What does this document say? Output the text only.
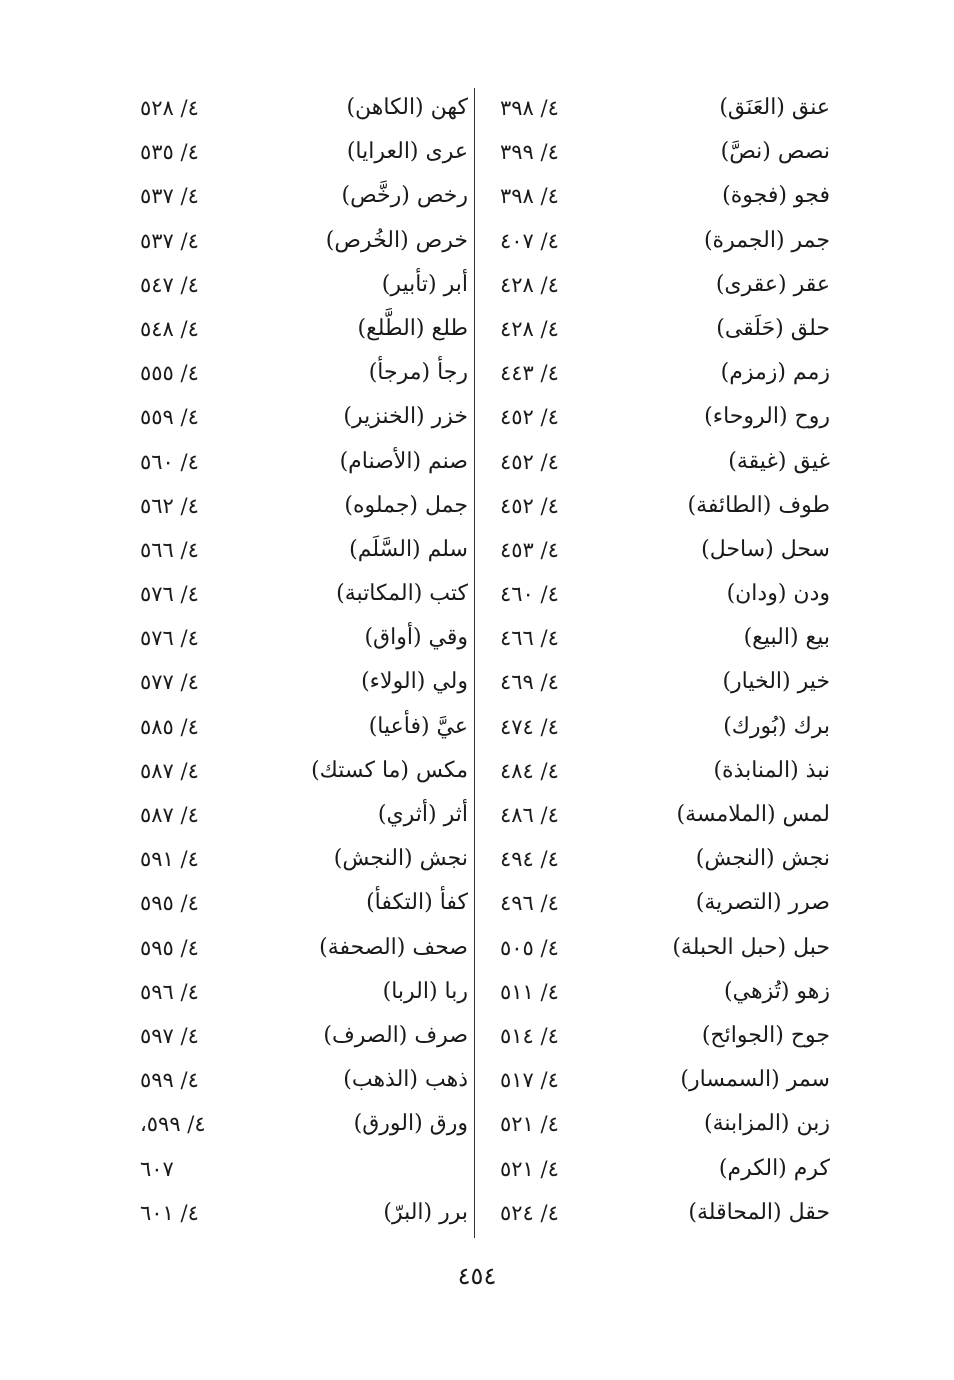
عنق (العَنَق)
٤/ ٣٩٨
كهن (الكاهن)
٤/ ٥٢٨
نصص (نصَّ)
٤/ ٣٩٩
عرى (العرايا)
٤/ ٥٣٥
فجو (فجوة)
٤/ ٣٩٨
رخص (رخَّص)
٤/ ٥٣٧
جمر (الجمرة)
٤/ ٤٠٧
خرص (الخُرص)
٤/ ٥٣٧
عقر (عقرى)
٤/ ٤٢٨
أبر (تأبير)
٤/ ٥٤٧
حلق (حَلَقى)
٤/ ٤٢٨
طلع (الطَّلع)
٤/ ٥٤٨
زمم (زمزم)
٤/ ٤٤٣
رجأ (مرجأ)
٤/ ٥٥٥
روح (الروحاء)
٤/ ٤٥٢
خزر (الخنزير)
٤/ ٥٥٩
غيق (غيقة)
٤/ ٤٥٢
صنم (الأصنام)
٤/ ٥٦٠
طوف (الطائفة)
٤/ ٤٥٢
جمل (جملوه)
٤/ ٥٦٢
سحل (ساحل)
٤/ ٤٥٣
سلم (السَّلَم)
٤/ ٥٦٦
ودن (ودان)
٤/ ٤٦٠
كتب (المكاتبة)
٤/ ٥٧٦
بيع (البيع)
٤/ ٤٦٦
وقي (أواق)
٤/ ٥٧٦
خير (الخيار)
٤/ ٤٦٩
ولي (الولاء)
٤/ ٥٧٧
برك (بُورك)
٤/ ٤٧٤
عيَّ (فأعيا)
٤/ ٥٨٥
نبذ (المنابذة)
٤/ ٤٨٤
مكس (ما كستك)
٤/ ٥٨٧
لمس (الملامسة)
٤/ ٤٨٦
أثر (أثري)
٤/ ٥٨٧
نجش (النجش)
٤/ ٤٩٤
نجش (النجش)
٤/ ٥٩١
صرر (التصرية)
٤/ ٤٩٦
كفأ (التكفأ)
٤/ ٥٩٥
حبل (حبل الحبلة)
٤/ ٥٠٥
صحف (الصحفة)
٤/ ٥٩٥
زهو (تُزهي)
٤/ ٥١١
ربا (الربا)
٤/ ٥٩٦
جوح (الجوائح)
٤/ ٥١٤
صرف (الصرف)
٤/ ٥٩٧
سمر (السمسار)
٤/ ٥١٧
ذهب (الذهب)
٤/ ٥٩٩
زبن (المزابنة)
٤/ ٥٢١
ورق (الورق)
٤/ ٥٩٩،
كرم (الكرم)
٤/ ٥٢١
٦٠٧
حقل (المحاقلة)
٤/ ٥٢٤
برر (البرّ)
٤/ ٦٠١
٤٥٤
